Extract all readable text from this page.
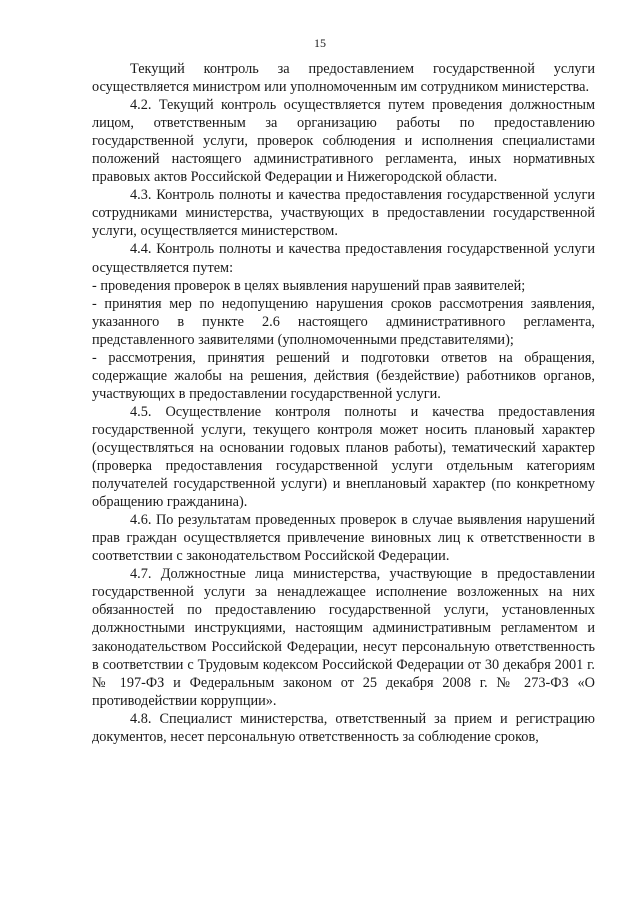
15

Текущий контроль за предоставлением государственной услуги осуществляется министром или уполномоченным им сотрудником министерства.

4.2. Текущий контроль осуществляется путем проведения должностным лицом, ответственным за организацию работы по предоставлению государственной услуги, проверок соблюдения и исполнения специалистами положений настоящего административного регламента, иных нормативных правовых актов Российской Федерации и Нижегородской области.

4.3. Контроль полноты и качества предоставления государственной услуги сотрудниками министерства, участвующих в предоставлении государственной услуги, осуществляется министерством.

4.4. Контроль полноты и качества предоставления государственной услуги осуществляется путем:

- проведения проверок в целях выявления нарушений прав заявителей;

- принятия мер по недопущению нарушения сроков рассмотрения заявления, указанного в пункте 2.6 настоящего административного регламента, представленного заявителями (уполномоченными представителями);

- рассмотрения, принятия решений и подготовки ответов на обращения, содержащие жалобы на решения, действия (бездействие) работников органов, участвующих в предоставлении государственной услуги.

4.5. Осуществление контроля полноты и качества предоставления государственной услуги, текущего контроля может носить плановый характер (осуществляться на основании годовых планов работы), тематический характер (проверка предоставления государственной услуги отдельным категориям получателей государственной услуги) и внеплановый характер (по конкретному обращению гражданина).

4.6. По результатам проведенных проверок в случае выявления нарушений прав граждан осуществляется привлечение виновных лиц к ответственности в соответствии с законодательством Российской Федерации.

4.7. Должностные лица министерства, участвующие в предоставлении государственной услуги за ненадлежащее исполнение возложенных на них обязанностей по предоставлению государственной услуги, установленных должностными инструкциями, настоящим административным регламентом и законодательством Российской Федерации, несут персональную ответственность в соответствии с Трудовым кодексом Российской Федерации от 30 декабря 2001 г. № 197-ФЗ и Федеральным законом от 25 декабря 2008 г. № 273-ФЗ «О противодействии коррупции».

4.8. Специалист министерства, ответственный за прием и регистрацию документов, несет персональную ответственность за соблюдение сроков,
